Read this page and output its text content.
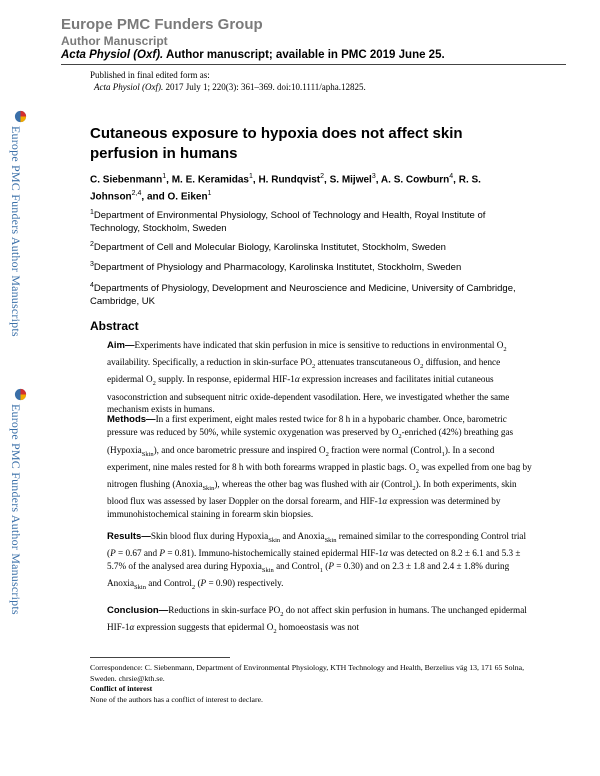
Europe PMC Funders Group
Author Manuscript
Acta Physiol (Oxf). Author manuscript; available in PMC 2019 June 25.
Published in final edited form as:
Acta Physiol (Oxf). 2017 July 1; 220(3): 361–369. doi:10.1111/apha.12825.
Europe PMC Funders Author Manuscripts
Europe PMC Funders Author Manuscripts
Cutaneous exposure to hypoxia does not affect skin perfusion in humans
C. Siebenmann$^1$, M. E. Keramidas$^1$, H. Rundqvist$^2$, S. Mijwel$^3$, A. S. Cowburn$^4$, R. S. Johnson$^{2,4}$, and O. Eiken$^1$
$^1$Department of Environmental Physiology, School of Technology and Health, Royal Institute of Technology, Stockholm, Sweden
$^2$Department of Cell and Molecular Biology, Karolinska Institutet, Stockholm, Sweden
$^3$Department of Physiology and Pharmacology, Karolinska Institutet, Stockholm, Sweden
$^4$Departments of Physiology, Development and Neuroscience and Medicine, University of Cambridge, Cambridge, UK
Abstract
Aim—Experiments have indicated that skin perfusion in mice is sensitive to reductions in environmental $O_2$ availability. Specifically, a reduction in skin-surface $PO_2$ attenuates transcutaneous $O_2$ diffusion, and hence epidermal $O_2$ supply. In response, epidermal HIF-1α expression increases and facilitates initial cutaneous vasoconstriction and subsequent nitric oxide-dependent vasodilation. Here, we investigated whether the same mechanism exists in humans.
Methods—In a first experiment, eight males rested twice for 8 h in a hypobaric chamber. Once, barometric pressure was reduced by 50%, while systemic oxygenation was preserved by $O_2$-enriched (42%) breathing gas (Hypoxia$_{Skin}$), and once barometric pressure and inspired $O_2$ fraction were normal (Control$_1$). In a second experiment, nine males rested for 8 h with both forearms wrapped in plastic bags. $O_2$ was expelled from one bag by nitrogen flushing (Anoxia$_{Skin}$), whereas the other bag was flushed with air (Control$_2$). In both experiments, skin blood flux was assessed by laser Doppler on the dorsal forearm, and HIF-1α expression was determined by immunohistochemical staining in forearm skin biopsies.
Results—Skin blood flux during Hypoxia$_{Skin}$ and Anoxia$_{Skin}$ remained similar to the corresponding Control trial (P = 0.67 and P = 0.81). Immuno-histochemically stained epidermal HIF-1α was detected on 8.2 ± 6.1 and 5.3 ± 5.7% of the analysed area during Hypoxia$_{Skin}$ and Control$_1$ (P = 0.30) and on 2.3 ± 1.8 and 2.4 ± 1.8% during Anoxia$_{Skin}$ and Control$_2$ (P = 0.90) respectively.
Conclusion—Reductions in skin-surface $PO_2$ do not affect skin perfusion in humans. The unchanged epidermal HIF-1α expression suggests that epidermal $O_2$ homoeostasis was not
Correspondence: C. Siebenmann, Department of Environmental Physiology, KTH Technology and Health, Berzelius väg 13, 171 65 Solna, Sweden. chrsie@kth.se.
Conflict of interest
None of the authors has a conflict of interest to declare.
